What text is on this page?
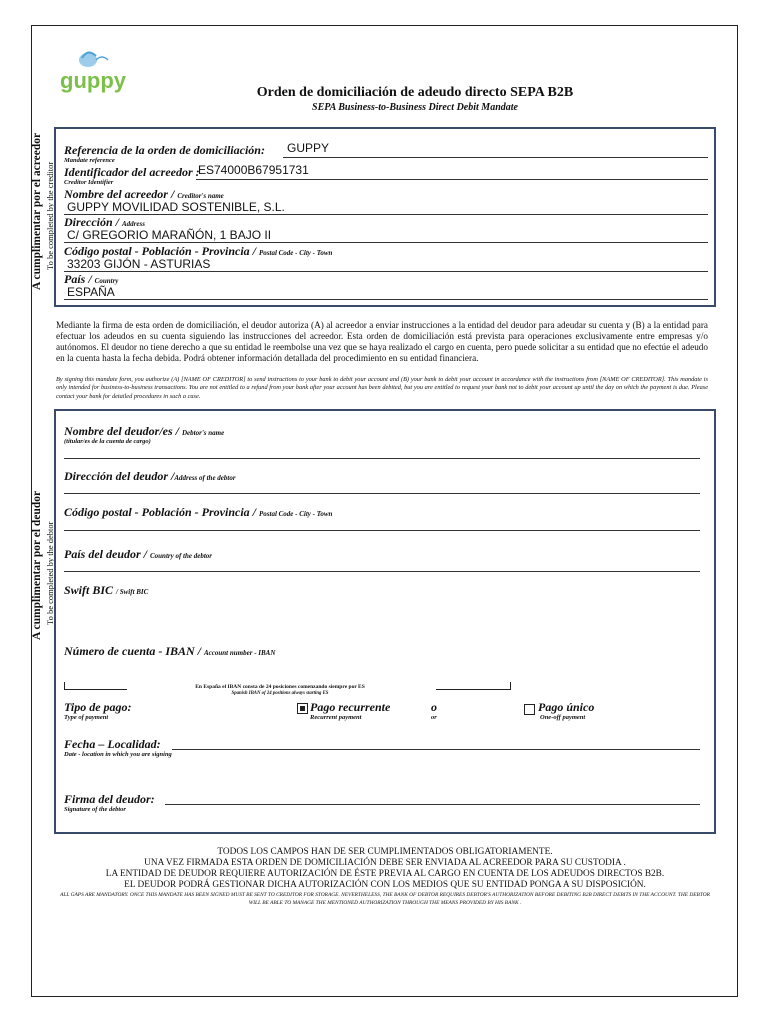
guppy	Orden de domiciliación de adeudo directo SEPA B2B
SEPA Business-to-Business Direct Debit Mandate
A cumplimentar por el acreedor To be completed by the creditor
Referencia de la orden de domiciliación: GUPPY
Mandate reference
Identificador del acreedor :
ES74000B67951731
Creditor Identifier
Nombre del acreedor / Creditor's name
GUPPY MOVILIDAD SOSTENIBLE, S.L.
Dirección / Address
C/ GREGORIO MARAÑÓN, 1 BAJO II
Código postal - Población - Provincia / Postal Code - City - Town
33203 GIJÓN - ASTURIAS
País / Country
ESPAÑA
Mediante la firma de esta orden de domiciliación, el deudor autoriza (A) al acreedor a enviar instrucciones a la entidad del deudor para adeudar su cuenta y (B) a la entidad para efectuar los adeudos en su cuenta siguiendo las instrucciones del acreedor. Esta orden de domiciliación está prevista para operaciones exclusivamente entre empresas y/o autónomos. El deudor no tiene derecho a que su entidad le reembolse una vez que se haya realizado el cargo en cuenta, pero puede solicitar a su entidad que no efectúe el adeudo en la cuenta hasta la fecha debida. Podrá obtener información detallada del procedimiento en su entidad financiera.
By signing this mandate form, you authorize (A) [NAME OF CREDITOR] to send instructions to your bank to debit your account and (B) your bank to debit your account in accordance with the instructions from [NAME OF CREDITOR]. This mandate is only intended for business-to-business transactions. You are not entitled to a refund from your bank after your account has been debited, but you are entitled to request your bank not to debit your account up until the day on which the payment is due. Please contact your bank for detailed procedures in such a case.
A cumplimentar por el deudor To be completed by the debtor
Nombre del deudor/es / Debtor's name
(titular/es de la cuenta de cargo)
Dirección del deudor /Address of the debtor
Código postal - Población - Provincia / Postal Code - City - Town
País del deudor / Country of the debtor
Swift BIC / Swift BIC
Número de cuenta - IBAN / Account number - IBAN
En España el IBAN consta de 24 posiciones comenzando siempre por ES
Spanish IBAN of 24 positions always starting ES
Tipo de pago:
Type of payment
Pago recurrente
Recurrent payment
o
or
Pago único
One-off payment
Fecha – Localidad:
Date - location in which you are signing
Firma del deudor:
Signature of the debtor
TODOS LOS CAMPOS HAN DE SER CUMPLIMENTADOS OBLIGATORIAMENTE.
UNA VEZ FIRMADA ESTA ORDEN DE DOMICILIACIÓN DEBE SER ENVIADA AL ACREEDOR PARA SU CUSTODIA .
LA ENTIDAD DE DEUDOR REQUIERE AUTORIZACIÓN DE ÉSTE PREVIA AL CARGO EN CUENTA DE LOS ADEUDOS DIRECTOS B2B.
EL DEUDOR PODRÁ GESTIONAR DICHA AUTORIZACIÓN CON LOS MEDIOS QUE SU ENTIDAD PONGA A SU DISPOSICIÓN.
ALL GAPS ARE MANDATORY. ONCE THIS MANDATE HAS BEEN SIGNED MUST BE SENT TO CREDITOR FOR STORAGE. NEVERTHELESS, THE BANK OF DEBTOR REQUIRES DEBTOR'S AUTHORIZATION BEFORE DEBITING B2B DIRECT DEBITS IN THE ACCOUNT. THE DEBTOR WILL BE ABLE TO MANAGE THE MENTIONED AUTHORIZATION THROUGH THE MEANS PROVIDED BY HIS BANK .
